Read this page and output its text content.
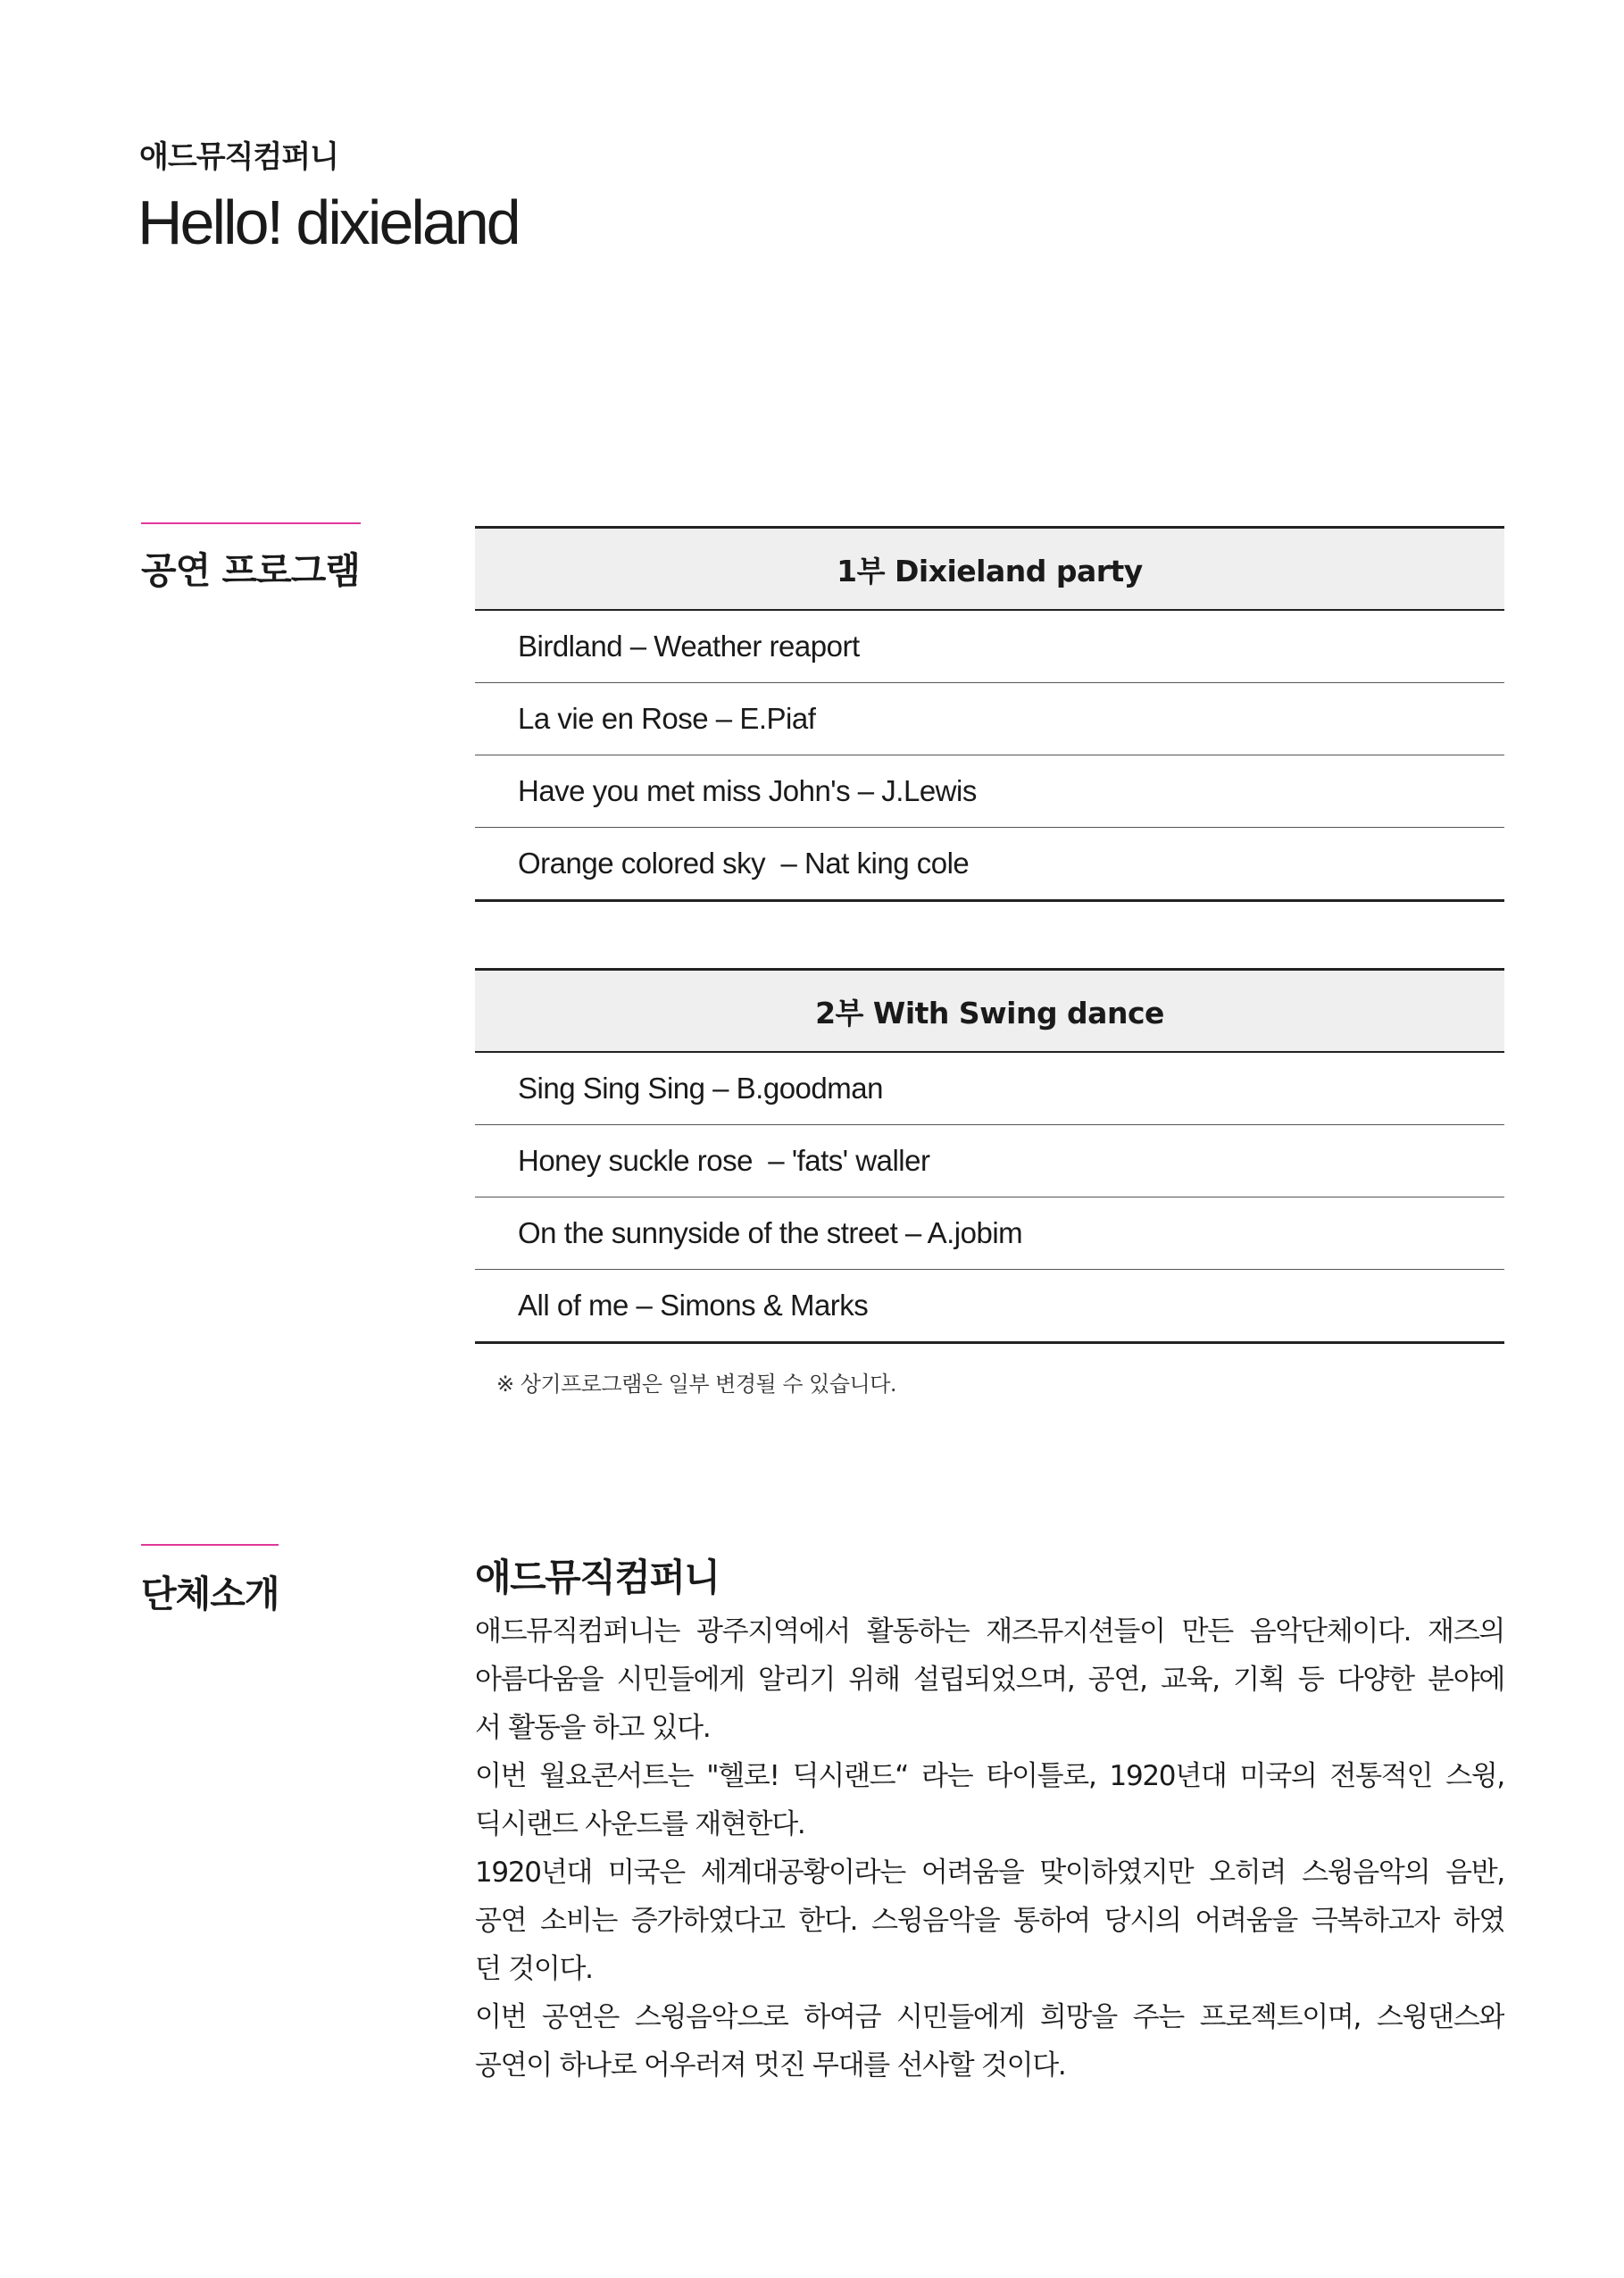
애드뮤직컴퍼니
Hello! dixieland
공연 프로그램	1부 Dixieland party
Birdland – Weather reaport
La vie en Rose – E.Piaf
Have you met miss John's – J.Lewis
Orange colored sky  – Nat king cole
2부 With Swing dance
Sing Sing Sing – B.goodman
Honey suckle rose  – 'fats' waller
On the sunnyside of the street – A.jobim
All of me – Simons & Marks
※ 상기프로그램은 일부 변경될 수 있습니다.
단체소개	애드뮤직컴퍼니
애드뮤직컴퍼니는 광주지역에서 활동하는 재즈뮤지션들이 만든 음악단체이다. 재즈의
아름다움을 시민들에게 알리기 위해 설립되었으며, 공연, 교육, 기획 등 다양한 분야에
서 활동을 하고 있다.
이번 월요콘서트는 "헬로! 딕시랜드“ 라는 타이틀로, 1920년대 미국의 전통적인 스윙,
딕시랜드 사운드를 재현한다.
1920년대 미국은 세계대공황이라는 어려움을 맞이하였지만 오히려 스윙음악의 음반,
공연 소비는 증가하였다고 한다. 스윙음악을 통하여 당시의 어려움을 극복하고자 하였
던 것이다.
이번 공연은 스윙음악으로 하여금 시민들에게 희망을 주는 프로젝트이며, 스윙댄스와
공연이 하나로 어우러져 멋진 무대를 선사할 것이다.
